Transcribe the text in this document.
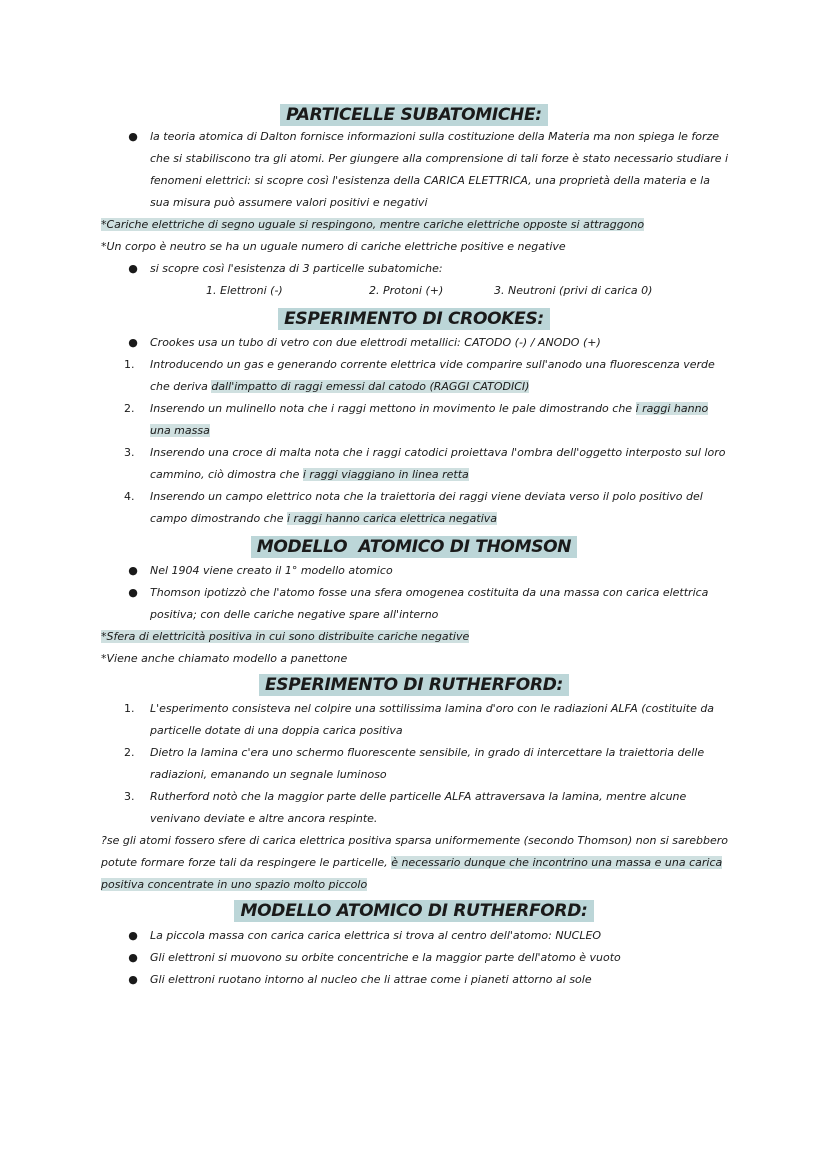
PARTICELLE SUBATOMICHE:

● la teoria atomica di Dalton fornisce informazioni sulla costituzione della Materia ma non spiega le forze che si stabiliscono tra gli atomi. Per giungere alla comprensione di tali forze è stato necessario studiare i fenomeni elettrici: si scopre così l'esistenza della CARICA ELETTRICA, una proprietà della materia e la sua misura può assumere valori positivi e negativi
*Cariche elettriche di segno uguale si respingono, mentre cariche elettriche opposte si attraggono
*Un corpo è neutro se ha un uguale numero di cariche elettriche positive e negative
● si scopre così l'esistenza di 3 particelle subatomiche:
1. Elettroni (-)	2. Protoni (+)	3. Neutroni (privi di carica 0)

ESPERIMENTO DI CROOKES:

● Crookes usa un tubo di vetro con due elettrodi metallici: CATODO (-) / ANODO (+)
1.	Introducendo un gas e generando corrente elettrica vide comparire sull'anodo una fluorescenza verde che deriva dall'impatto di raggi emessi dal catodo (RAGGI CATODICI)
2.	Inserendo un mulinello nota che i raggi mettono in movimento le pale dimostrando che i raggi hanno una massa
3.	Inserendo una croce di malta nota che i raggi catodici proiettava l'ombra dell'oggetto interposto sul loro cammino, ciò dimostra che i raggi viaggiano in linea retta
4.	Inserendo un campo elettrico nota che la traiettoria dei raggi viene deviata verso il polo positivo del campo dimostrando che i raggi hanno carica elettrica negativa

MODELLO  ATOMICO DI THOMSON

● Nel 1904 viene creato il 1° modello atomico
● Thomson ipotizzò che l'atomo fosse una sfera omogenea costituita da una massa con carica elettrica positiva; con delle cariche negative spare all'interno
*Sfera di elettricità positiva in cui sono distribuite cariche negative
*Viene anche chiamato modello a panettone

ESPERIMENTO DI RUTHERFORD:

1.	L'esperimento consisteva nel colpire una sottilissima lamina d'oro con le radiazioni ALFA (costituite da particelle dotate di una doppia carica positiva
2.	Dietro la lamina c'era uno schermo fluorescente sensibile, in grado di intercettare la traiettoria delle radiazioni, emanando un segnale luminoso
3.	Rutherford notò che la maggior parte delle particelle ALFA attraversava la lamina, mentre alcune venivano deviate e altre ancora respinte.
?se gli atomi fossero sfere di carica elettrica positiva sparsa uniformemente (secondo Thomson) non si sarebbero potute formare forze tali da respingere le particelle, è necessario dunque che incontrino una massa e una carica positiva concentrate in uno spazio molto piccolo

MODELLO ATOMICO DI RUTHERFORD:

● La piccola massa con carica carica elettrica si trova al centro dell'atomo: NUCLEO
● Gli elettroni si muovono su orbite concentriche e la maggior parte dell'atomo è vuoto
● Gli elettroni ruotano intorno al nucleo che li attrae come i pianeti attorno al sole
